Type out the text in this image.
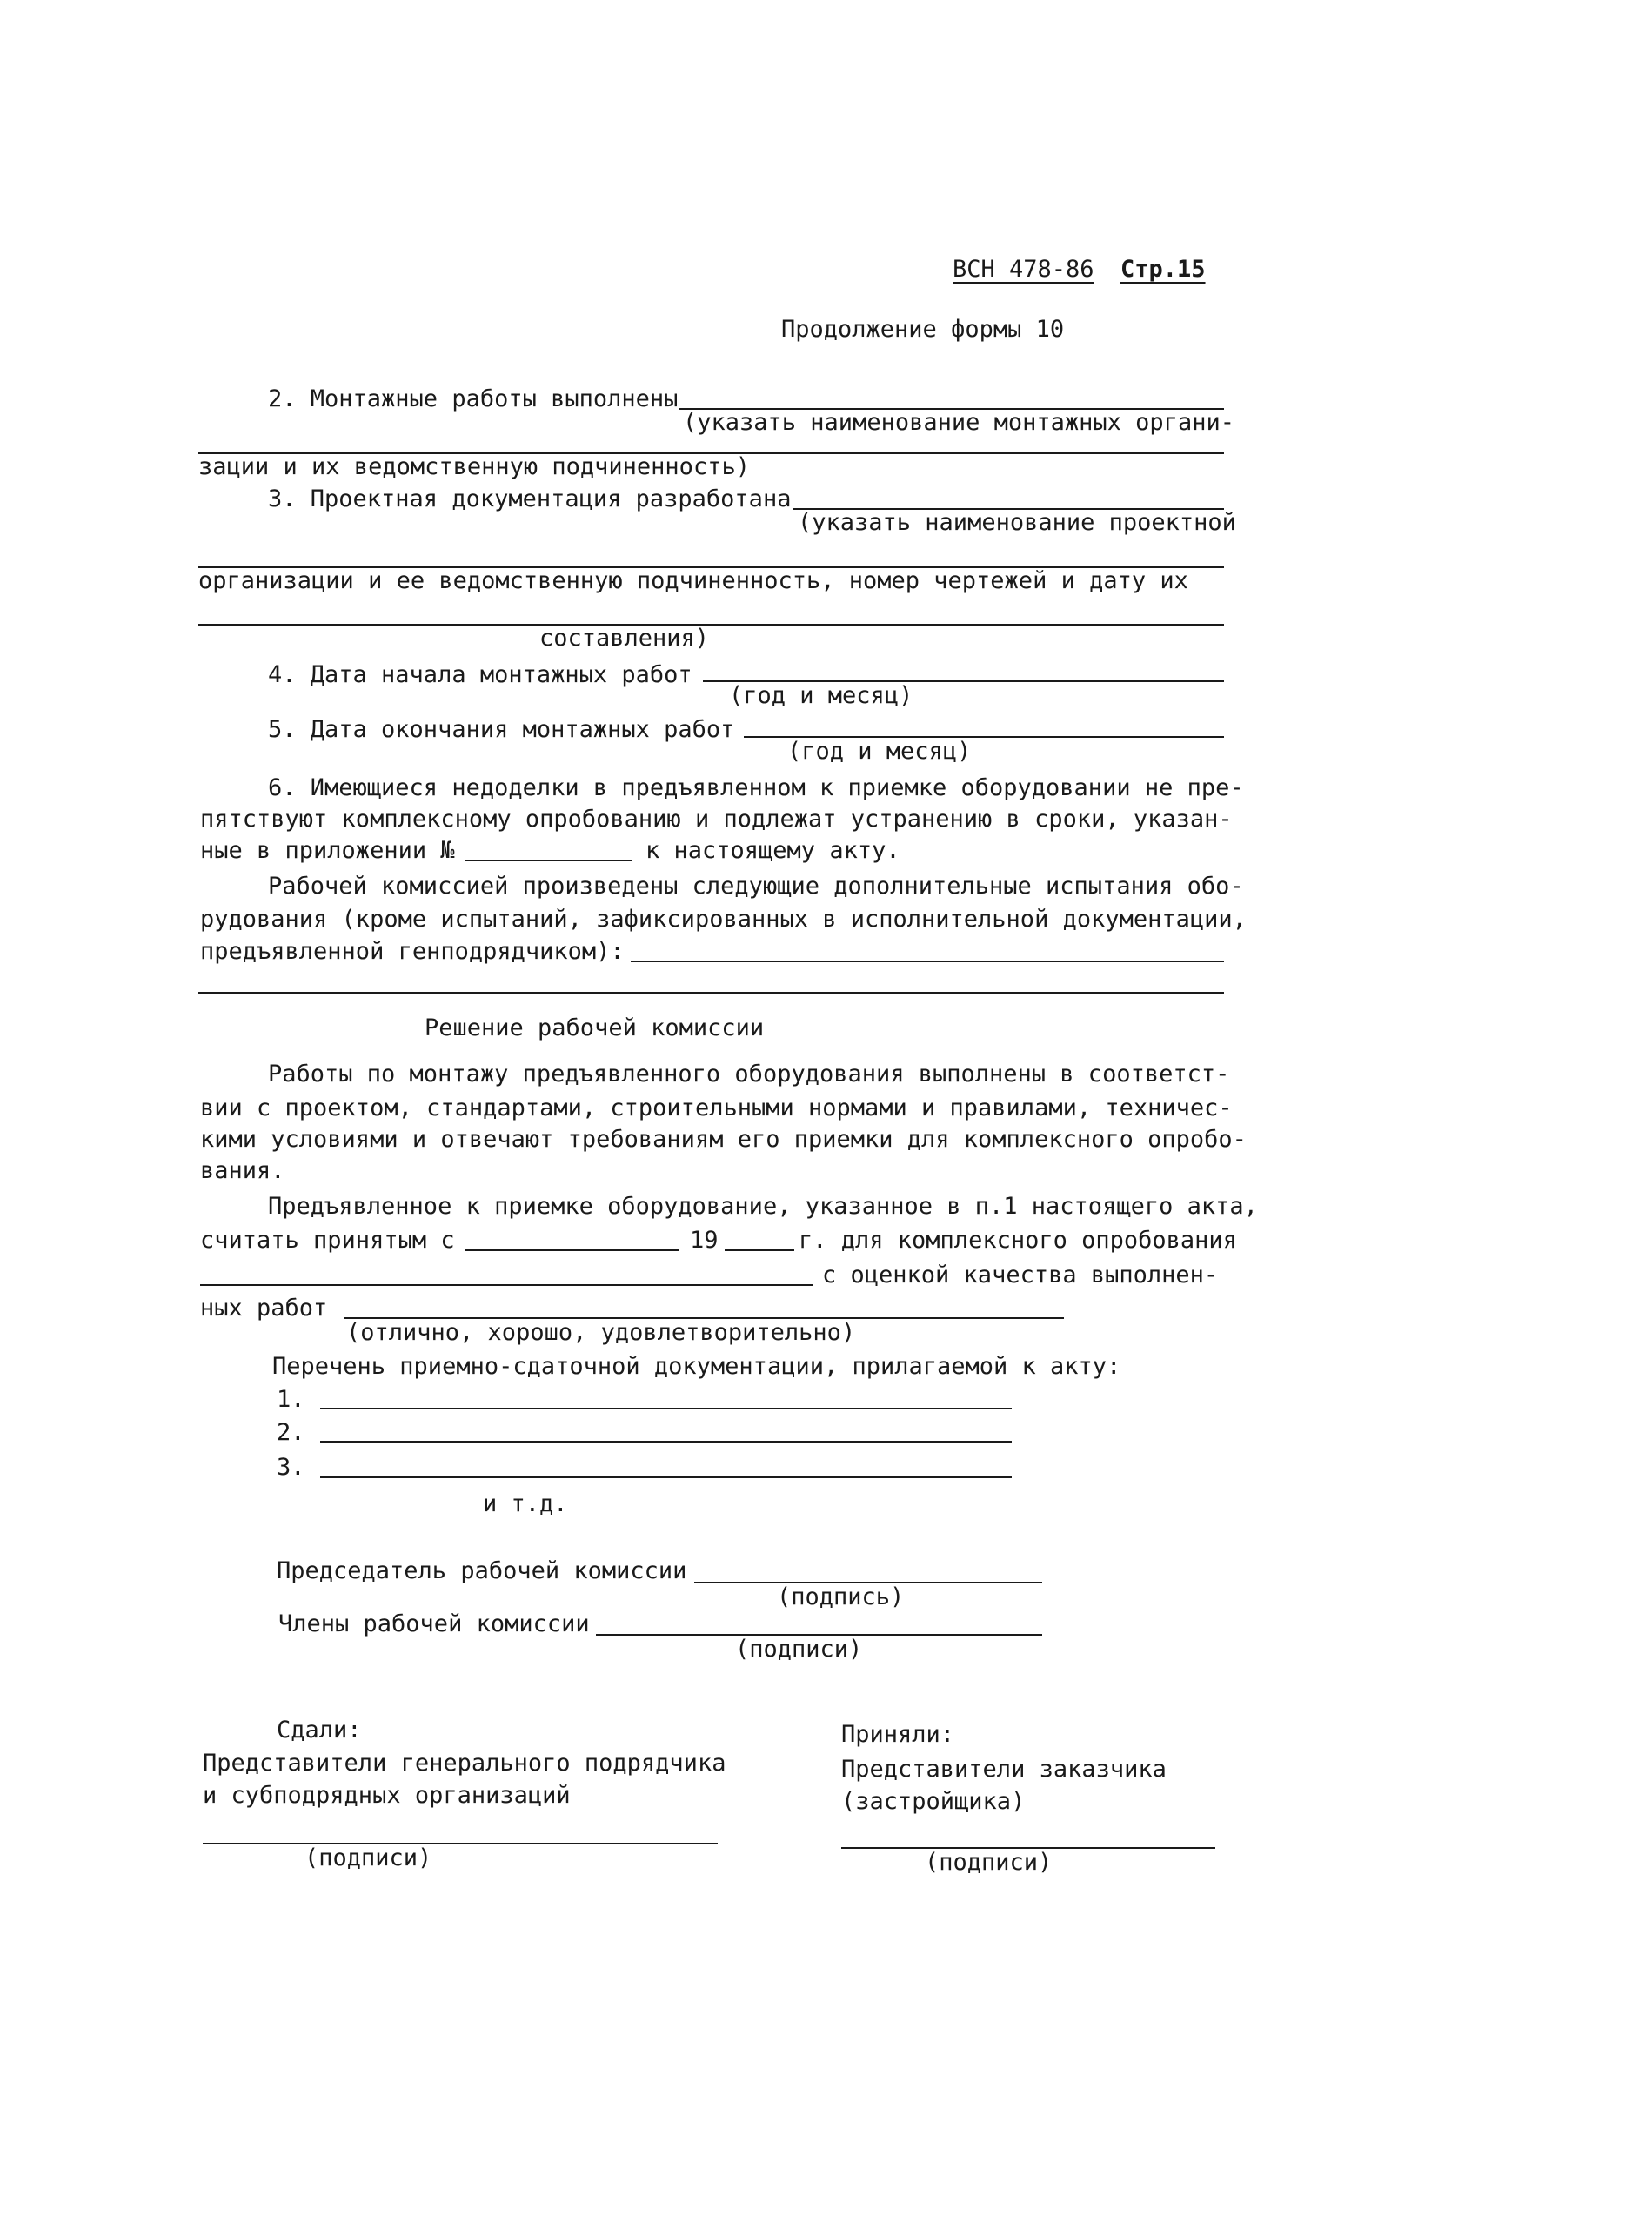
ВСН 478-86 Стр.15
Продолжение формы 10
2. Монтажные работы выполнены
(указать наименование монтажных органи-
зации и их ведомственную подчиненность)
3. Проектная документация разработана
(указать наименование проектной
организации и ее ведомственную подчиненность, номер чертежей и дату их
составления)
4. Дата начала монтажных работ
(год и месяц)
5. Дата окончания монтажных работ
(год и месяц)
6. Имеющиеся недоделки в предъявленном к приемке оборудовании не пре-
пятствуют комплексному опробованию и подлежат устранению в сроки, указан-
ные в приложении №	к настоящему акту.
Рабочей комиссией произведены следующие дополнительные испытания обо-
рудования (кроме испытаний, зафиксированных в исполнительной документации,
предъявленной генподрядчиком):
Решение рабочей комиссии
Работы по монтажу предъявленного оборудования выполнены в соответст-
вии с проектом, стандартами, строительными нормами и правилами, техничес-
кими условиями и отвечают требованиям его приемки для комплексного опробо-
вания.
Предъявленное к приемке оборудование, указанное в п.1 настоящего акта,
считать принятым с	19	г. для комплексного опробования
с оценкой качества выполнен-
ных работ
(отлично, хорошо, удовлетворительно)
Перечень приемно-сдаточной документации, прилагаемой к акту:
1.
2.
3.
и т.д.
Председатель рабочей комиссии
(подпись)
Члены рабочей комиссии
(подписи)
Сдали:
Представители генерального подрядчика
и субподрядных организаций
(подписи)
Приняли:
Представители заказчика
(застройщика)
(подписи)
